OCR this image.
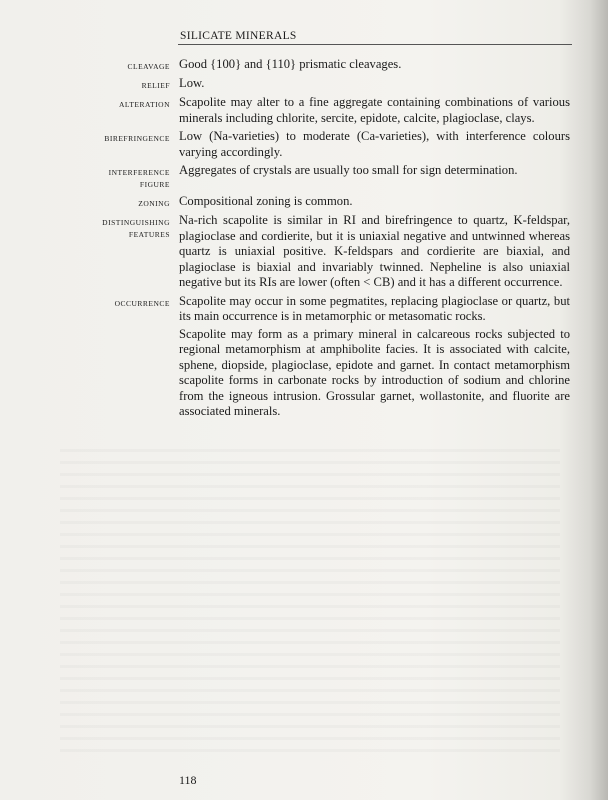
SILICATE MINERALS
CLEAVAGE Good {100} and {110} prismatic cleavages.

RELIEF Low.

ALTERATION Scapolite may alter to a fine aggregate containing combinations of various minerals including chlorite, sercite, epidote, calcite, plagioclase, clays.

BIREFRINGENCE Low (Na-varieties) to moderate (Ca-varieties), with interference colours varying accordingly.

INTERFERENCE
FIGURE

Aggregates of crystals are usually too small for sign determination.

ZONING Compositional zoning is common.

DISTINGUISHING
FEATURES

Na-rich scapolite is similar in RI and birefringence to quartz, K-feldspar, plagioclase and cordierite, but it is uniaxial negative and untwinned whereas quartz is uniaxial positive. K-feldspars and cordierite are biaxial, and plagioclase is biaxial and invariably twinned. Nepheline is also uniaxial negative but its RIs are lower (often < CB) and it has a different occurrence.

OCCURRENCE Scapolite may occur in some pegmatites, replacing plagioclase or quartz, but its main occurrence is in metamorphic or metasomatic rocks.

Scapolite may form as a primary mineral in calcareous rocks subjected to regional metamorphism at amphibolite facies. It is associated with calcite, sphene, diopside, plagioclase, epidote and garnet. In contact metamorphism scapolite forms in carbonate rocks by introduction of sodium and chlorine from the igneous intrusion. Grossular garnet, wollastonite, and fluorite are associated minerals.

118
